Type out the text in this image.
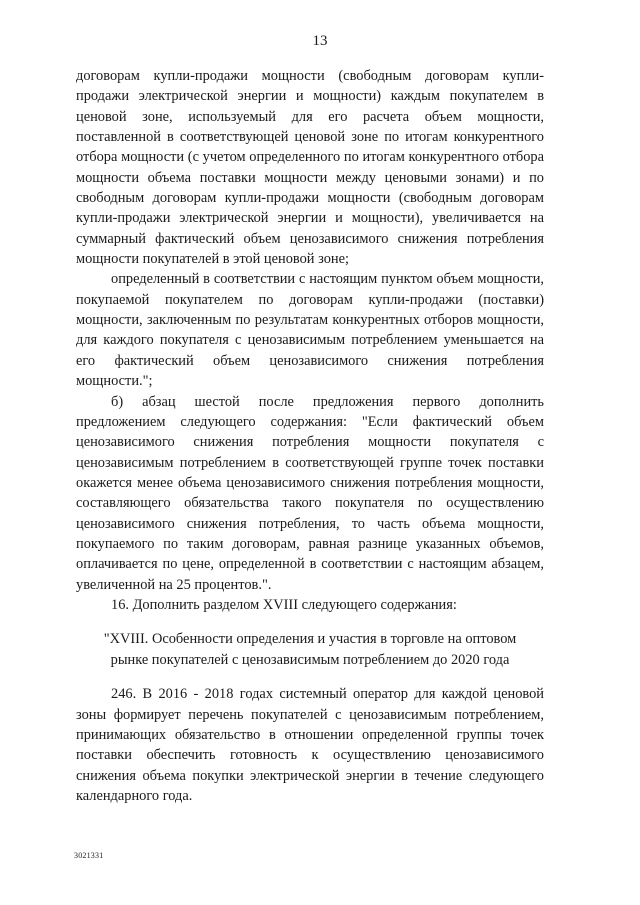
13

договорам купли-продажи мощности (свободным договорам купли-продажи электрической энергии и мощности) каждым покупателем в ценовой зоне, используемый для его расчета объем мощности, поставленной в соответствующей ценовой зоне по итогам конкурентного отбора мощности (с учетом определенного по итогам конкурентного отбора мощности объема поставки мощности между ценовыми зонами) и по свободным договорам купли-продажи мощности (свободным договорам купли-продажи электрической энергии и мощности), увеличивается на суммарный фактический объем ценозависимого снижения потребления мощности покупателей в этой ценовой зоне;

определенный в соответствии с настоящим пунктом объем мощности, покупаемой покупателем по договорам купли-продажи (поставки) мощности, заключенным по результатам конкурентных отборов мощности, для каждого покупателя с ценозависимым потреблением уменьшается на его фактический объем ценозависимого снижения потребления мощности.";

б) абзац шестой после предложения первого дополнить предложением следующего содержания: "Если фактический объем ценозависимого снижения потребления мощности покупателя с ценозависимым потреблением в соответствующей группе точек поставки окажется менее объема ценозависимого снижения потребления мощности, составляющего обязательства такого покупателя по осуществлению ценозависимого снижения потребления, то часть объема мощности, покупаемого по таким договорам, равная разнице указанных объемов, оплачивается по цене, определенной в соответствии с настоящим абзацем, увеличенной на 25 процентов.".

16. Дополнить разделом XVIII следующего содержания:

"XVIII. Особенности определения и участия в торговле на оптовом
рынке покупателей с ценозависимым потреблением до 2020 года

246. В 2016 - 2018 годах системный оператор для каждой ценовой зоны формирует перечень покупателей с ценозависимым потреблением, принимающих обязательство в отношении определенной группы точек поставки обеспечить готовность к осуществлению ценозависимого снижения объема покупки электрической энергии в течение следующего календарного года.

3021331
